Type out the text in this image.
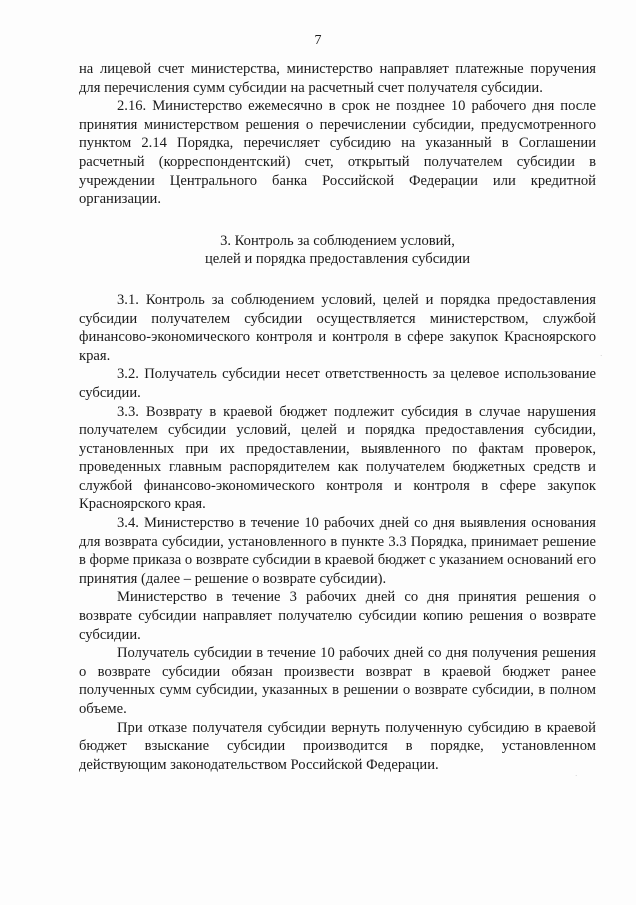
7

на лицевой счет министерства, министерство направляет платежные поручения для перечисления сумм субсидии на расчетный счет получателя субсидии.

2.16. Министерство ежемесячно в срок не позднее 10 рабочего дня после принятия министерством решения о перечислении субсидии, предусмотренного пунктом 2.14 Порядка, перечисляет субсидию на указанный в Соглашении расчетный (корреспондентский) счет, открытый получателем субсидии в учреждении Центрального банка Российской Федерации или кредитной организации.

3. Контроль за соблюдением условий,
целей и порядка предоставления субсидии

3.1. Контроль за соблюдением условий, целей и порядка предоставления субсидии получателем субсидии осуществляется министерством, службой финансово-экономического контроля и контроля в сфере закупок Красноярского края.

3.2. Получатель субсидии несет ответственность за целевое использование субсидии.

3.3. Возврату в краевой бюджет подлежит субсидия в случае нарушения получателем субсидии условий, целей и порядка предоставления субсидии, установленных при их предоставлении, выявленного по фактам проверок, проведенных главным распорядителем как получателем бюджетных средств и службой финансово-экономического контроля и контроля в сфере закупок Красноярского края.

3.4. Министерство в течение 10 рабочих дней со дня выявления основания для возврата субсидии, установленного в пункте 3.3 Порядка, принимает решение в форме приказа о возврате субсидии в краевой бюджет с указанием оснований его принятия (далее – решение о возврате субсидии).

Министерство в течение 3 рабочих дней со дня принятия решения о возврате субсидии направляет получателю субсидии копию решения о возврате субсидии.

Получатель субсидии в течение 10 рабочих дней со дня получения решения о возврате субсидии обязан произвести возврат в краевой бюджет ранее полученных сумм субсидии, указанных в решении о возврате субсидии, в полном объеме.

При отказе получателя субсидии вернуть полученную субсидию в краевой бюджет взыскание субсидии производится в порядке, установленном действующим законодательством Российской Федерации.

·
·
